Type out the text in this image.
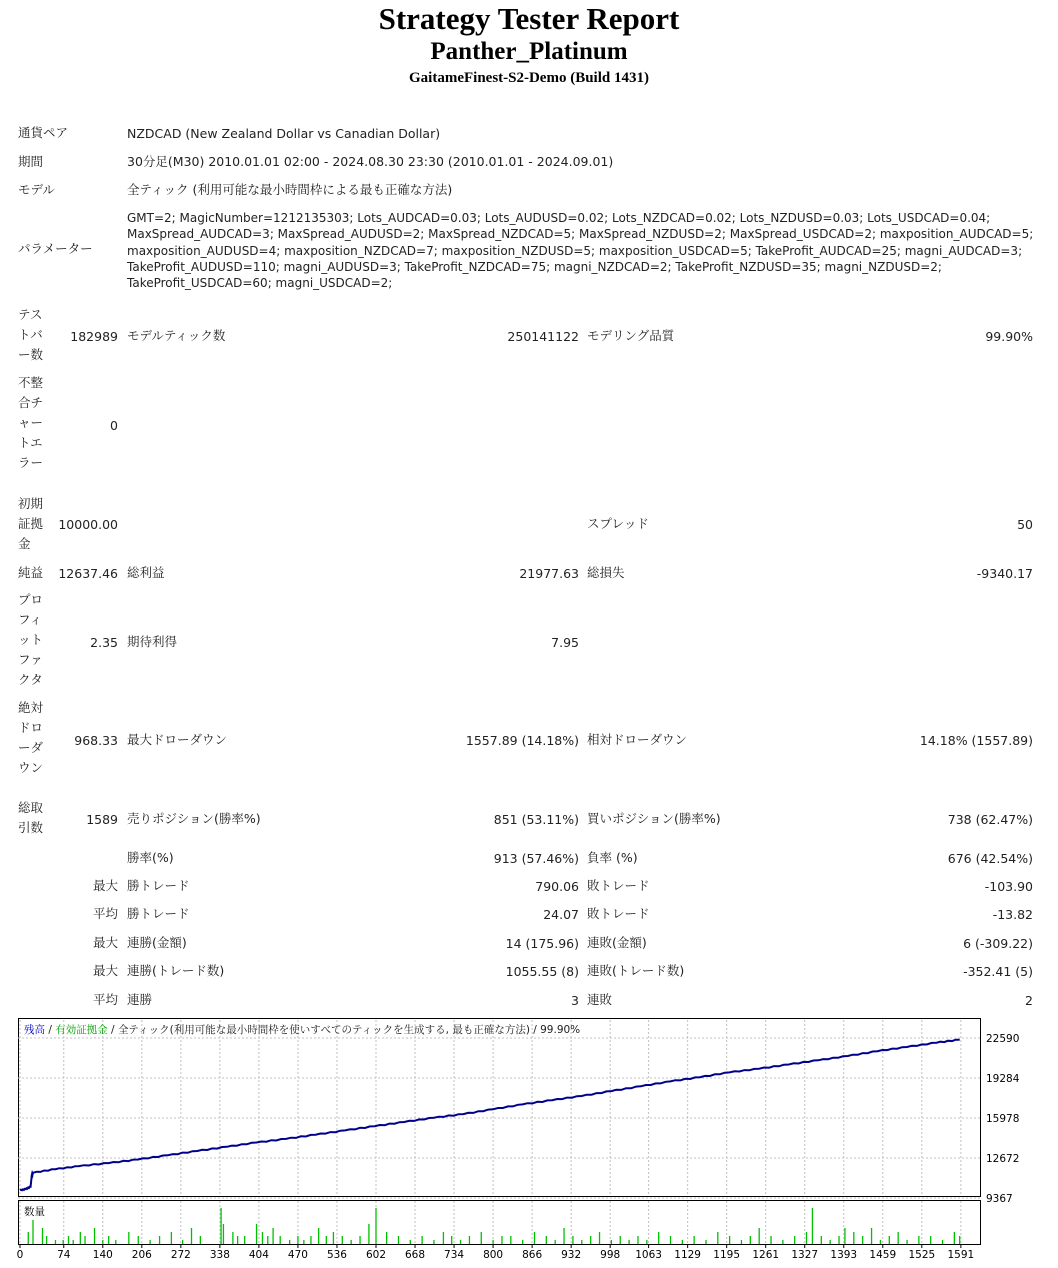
Strategy Tester Report
Panther_Platinum
GaitameFinest-S2-Demo (Build 1431)
通貨ペア	NZDCAD (New Zealand Dollar vs Canadian Dollar)
期間	30分足(M30) 2010.01.01 02:00 - 2024.08.30 23:30 (2010.01.01 - 2024.09.01)
モデル	全ティック (利用可能な最小時間枠による最も正確な方法)
パラメーター
GMT=2; MagicNumber=1212135303; Lots_AUDCAD=0.03; Lots_AUDUSD=0.02; Lots_NZDCAD=0.02; Lots_NZDUSD=0.03; Lots_USDCAD=0.04; MaxSpread_AUDCAD=3; MaxSpread_AUDUSD=2; MaxSpread_NZDCAD=5; MaxSpread_NZDUSD=2; MaxSpread_USDCAD=2; maxposition_AUDCAD=5; maxposition_AUDUSD=4; maxposition_NZDCAD=7; maxposition_NZDUSD=5; maxposition_USDCAD=5; TakeProfit_AUDCAD=25; magni_AUDCAD=3; TakeProfit_AUDUSD=110; magni_AUDUSD=3; TakeProfit_NZDCAD=75; magni_NZDCAD=2; TakeProfit_NZDUSD=35; magni_NZDUSD=2; TakeProfit_USDCAD=60; magni_USDCAD=2;
テストバー数
182989 モデルティック数	250141122 モデリング品質	99.90%
不整合チャートエラー
0
初期証拠金
10000.00	スプレッド	50
純益	12637.46 総利益	21977.63 総損失	-9340.17
プロフィットファクタ
2.35 期待利得	7.95
絶対ドローダウン
968.33 最大ドローダウン	1557.89 (14.18%) 相対ドローダウン	14.18% (1557.89)
総取引数
1589 売りポジション(勝率%)	851 (53.11%) 買いポジション(勝率%)	738 (62.47%)
勝率(%)	913 (57.46%) 負率 (%)	676 (42.54%)
最大 勝トレード	790.06 敗トレード	-103.90
平均 勝トレード	24.07 敗トレード	-13.82
最大 連勝(金額)	14 (175.96) 連敗(金額)	6 (-309.22)
最大 連勝(トレード数)	1055.55 (8) 連敗(トレード数)	-352.41 (5)
平均 連勝	3 連敗	2
22590
19284
15978
12672
9367
残高 / 有効証拠金 / 全ティック(利用可能な最小時間枠を使いすべてのティックを生成する, 最も正確な方法) / 99.90%
数量
0	74 140 206 272 338 404 470 536 602 668 734 800 866 932 998 1063 1129 1195 1261 1327 1393 1459 1525 1591
